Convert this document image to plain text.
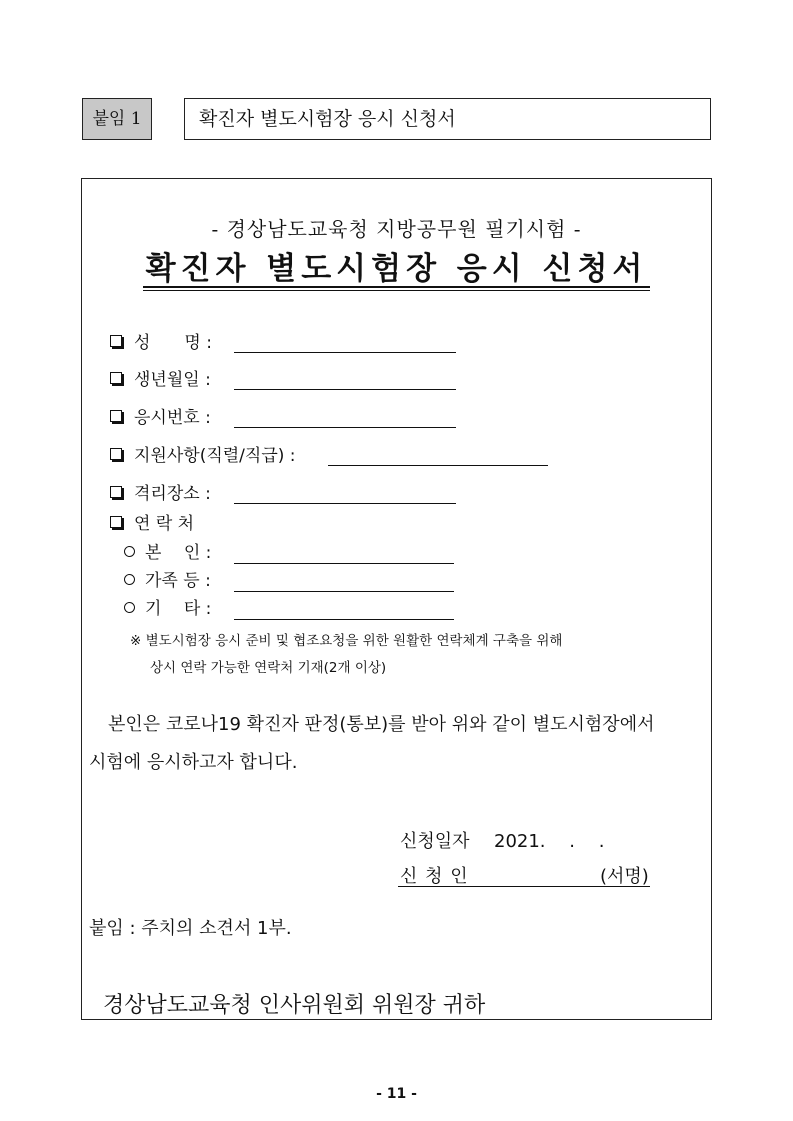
붙임 1	확진자 별도시험장 응시 신청서
- 경상남도교육청 지방공무원 필기시험 -
확진자 별도시험장 응시 신청서
성　　명 :
생년월일 :
응시번호 :
지원사항(직렬/직급) :
격리장소 :
연 락 처
본　 인 :
가족 등 :
기　 타 :
※ 별도시험장 응시 준비 및 협조요청을 위한 원활한 연락체계 구축을 위해
상시 연락 가능한 연락처 기재(2개 이상)
본인은 코로나19 확진자 판정(통보)를 받아 위와 같이 별도시험장에서
시험에 응시하고자 합니다.
신청일자 2021.　 .　 .
신 청 인	(서명)
붙임 : 주치의 소견서 1부.
경상남도교육청 인사위원회 위원장 귀하
- 11 -
